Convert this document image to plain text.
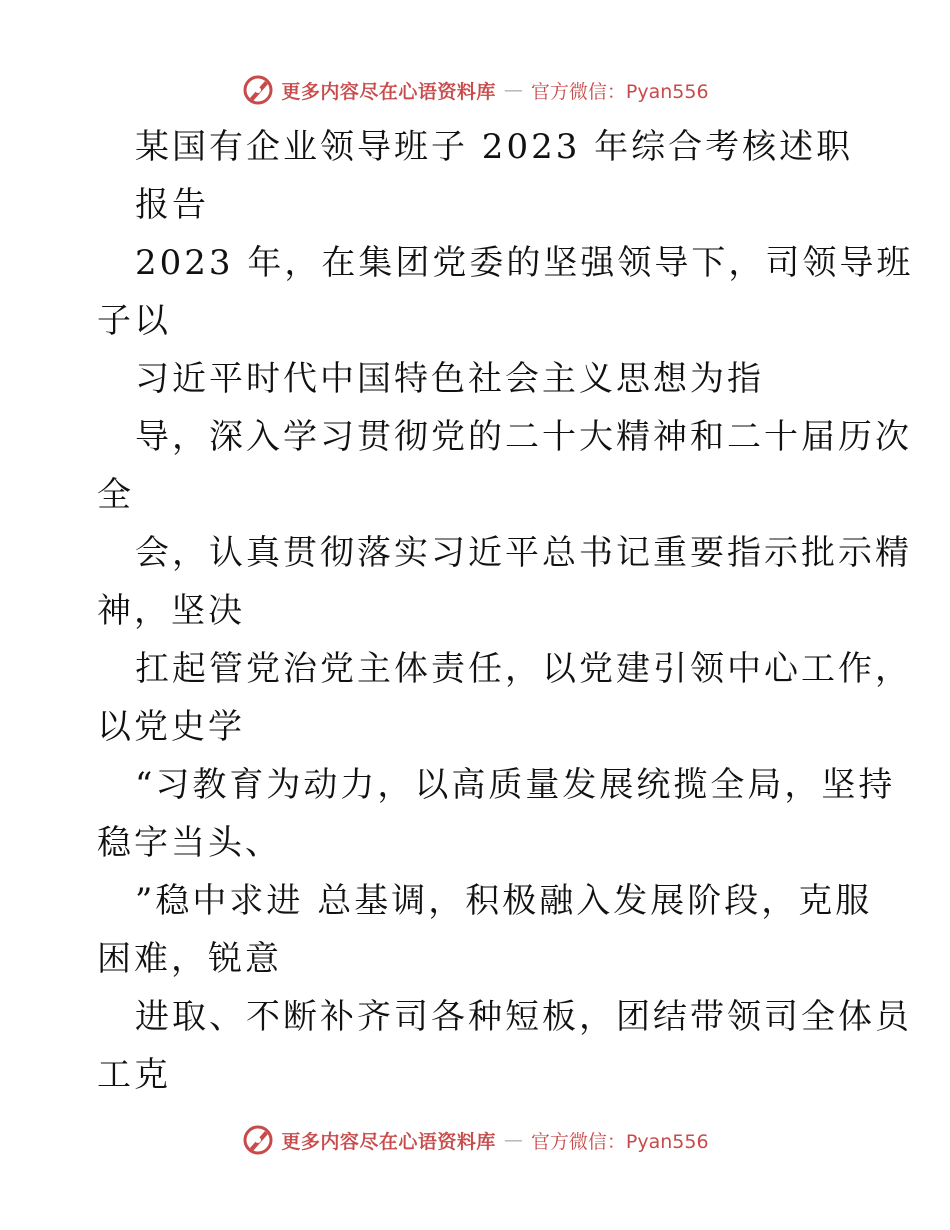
更多内容尽在心语资料库 — 官方微信：Pyan556
某国有企业领导班子 2023 年综合考核述职
报告
2023 年，在集团党委的坚强领导下，司领导班
子以
习近平时代中国特色社会主义思想为指
导，深入学习贯彻党的二十大精神和二十届历次
全
会，认真贯彻落实习近平总书记重要指示批示精
神，坚决
扛起管党治党主体责任，以党建引领中心工作，
以党史学
“习教育为动力，以高质量发展统揽全局，坚持
稳字当头、
”稳中求进 总基调，积极融入发展阶段，克服
困难，锐意
进取、不断补齐司各种短板，团结带领司全体员
工克
更多内容尽在心语资料库 — 官方微信：Pyan556
